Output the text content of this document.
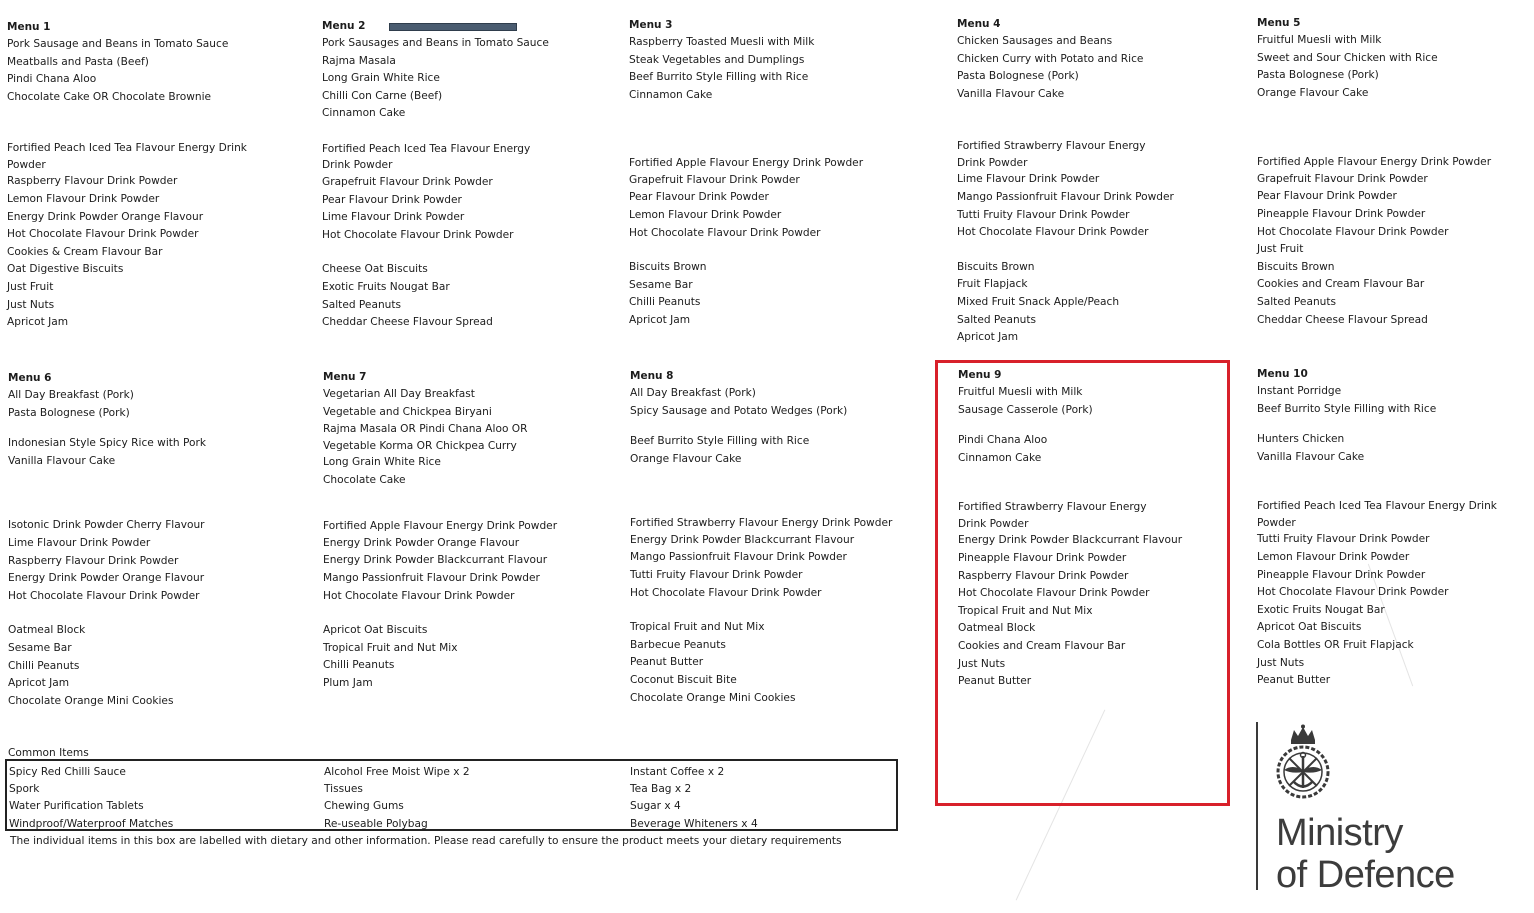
Menu 1
Pork Sausage and Beans in Tomato Sauce
Meatballs and Pasta (Beef)
Pindi Chana Aloo
Chocolate Cake OR Chocolate Brownie
Fortified Peach Iced Tea Flavour Energy Drink Powder
Raspberry Flavour Drink Powder
Lemon Flavour Drink Powder
Energy Drink Powder Orange Flavour
Hot Chocolate Flavour Drink Powder
Cookies & Cream Flavour Bar
Oat Digestive Biscuits
Just Fruit
Just Nuts
Apricot Jam
Menu 2
Pork Sausages and Beans in Tomato Sauce
Rajma Masala
Long Grain White Rice
Chilli Con Carne (Beef)
Cinnamon Cake
Fortified Peach Iced Tea Flavour Energy Drink Powder
Grapefruit Flavour Drink Powder
Pear Flavour Drink Powder
Lime Flavour Drink Powder
Hot Chocolate Flavour Drink Powder
Cheese Oat Biscuits
Exotic Fruits Nougat Bar
Salted Peanuts
Cheddar Cheese Flavour Spread
Menu 3
Raspberry Toasted Muesli with Milk
Steak Vegetables and Dumplings
Beef Burrito Style Filling with Rice
Cinnamon Cake
Fortified Apple Flavour Energy Drink Powder
Grapefruit Flavour Drink Powder
Pear Flavour Drink Powder
Lemon Flavour Drink Powder
Hot Chocolate Flavour Drink Powder
Biscuits Brown
Sesame Bar
Chilli Peanuts
Apricot Jam
Menu 4
Chicken Sausages and Beans
Chicken Curry with Potato and Rice
Pasta Bolognese (Pork)
Vanilla Flavour Cake
Fortified Strawberry Flavour Energy Drink Powder
Lime Flavour Drink Powder
Mango Passionfruit Flavour Drink Powder
Tutti Fruity Flavour Drink Powder
Hot Chocolate Flavour Drink Powder
Biscuits Brown
Fruit Flapjack
Mixed Fruit Snack Apple/Peach
Salted Peanuts
Apricot Jam
Menu 5
Fruitful Muesli with Milk
Sweet and Sour Chicken with Rice
Pasta Bolognese (Pork)
Orange Flavour Cake
Fortified Apple Flavour Energy Drink Powder
Grapefruit Flavour Drink Powder
Pear Flavour Drink Powder
Pineapple Flavour Drink Powder
Hot Chocolate Flavour Drink Powder
Just Fruit
Biscuits Brown
Cookies and Cream Flavour Bar
Salted Peanuts
Cheddar Cheese Flavour Spread
Menu 6
All Day Breakfast (Pork)
Pasta Bolognese (Pork)
Indonesian Style Spicy Rice with Pork
Vanilla Flavour Cake
Isotonic Drink Powder Cherry Flavour
Lime Flavour Drink Powder
Raspberry Flavour Drink Powder
Energy Drink Powder Orange Flavour
Hot Chocolate Flavour Drink Powder
Oatmeal Block
Sesame Bar
Chilli Peanuts
Apricot Jam
Chocolate Orange Mini Cookies
Menu 7
Vegetarian All Day Breakfast
Vegetable and Chickpea Biryani
Rajma Masala OR Pindi Chana Aloo OR Vegetable Korma OR Chickpea Curry
Long Grain White Rice
Chocolate Cake
Fortified Apple Flavour Energy Drink Powder
Energy Drink Powder Orange Flavour
Energy Drink Powder Blackcurrant Flavour
Mango Passionfruit Flavour Drink Powder
Hot Chocolate Flavour Drink Powder
Apricot Oat Biscuits
Tropical Fruit and Nut Mix
Chilli Peanuts
Plum Jam
Menu 8
All Day Breakfast (Pork)
Spicy Sausage and Potato Wedges (Pork)
Beef Burrito Style Filling with Rice
Orange Flavour Cake
Fortified Strawberry Flavour Energy Drink Powder
Energy Drink Powder Blackcurrant Flavour
Mango Passionfruit Flavour Drink Powder
Tutti Fruity Flavour Drink Powder
Hot Chocolate Flavour Drink Powder
Tropical Fruit and Nut Mix
Barbecue Peanuts
Peanut Butter
Coconut Biscuit Bite
Chocolate Orange Mini Cookies
Menu 9
Fruitful Muesli with Milk
Sausage Casserole (Pork)
Pindi Chana Aloo
Cinnamon Cake
Fortified Strawberry Flavour Energy Drink Powder
Energy Drink Powder Blackcurrant Flavour
Pineapple Flavour Drink Powder
Raspberry Flavour Drink Powder
Hot Chocolate Flavour Drink Powder
Tropical Fruit and Nut Mix
Oatmeal Block
Cookies and Cream Flavour Bar
Just Nuts
Peanut Butter
Menu 10
Instant Porridge
Beef Burrito Style Filling with Rice
Hunters Chicken
Vanilla Flavour Cake
Fortified Peach Iced Tea Flavour Energy Drink Powder
Tutti Fruity Flavour Drink Powder
Lemon Flavour Drink Powder
Pineapple Flavour Drink Powder
Hot Chocolate Flavour Drink Powder
Exotic Fruits Nougat Bar
Apricot Oat Biscuits
Cola Bottles OR Fruit Flapjack
Just Nuts
Peanut Butter
Common Items
Spicy Red Chilli Sauce
Spork
Water Purification Tablets
Windproof/Waterproof Matches
Alcohol Free Moist Wipe x 2
Tissues
Chewing Gums
Re-useable Polybag
Instant Coffee x 2
Tea Bag x 2
Sugar x 4
Beverage Whiteners x 4
The individual items in this box are labelled with dietary and other information. Please read carefully to ensure the product meets your dietary requirements	Ministry
of Defence
